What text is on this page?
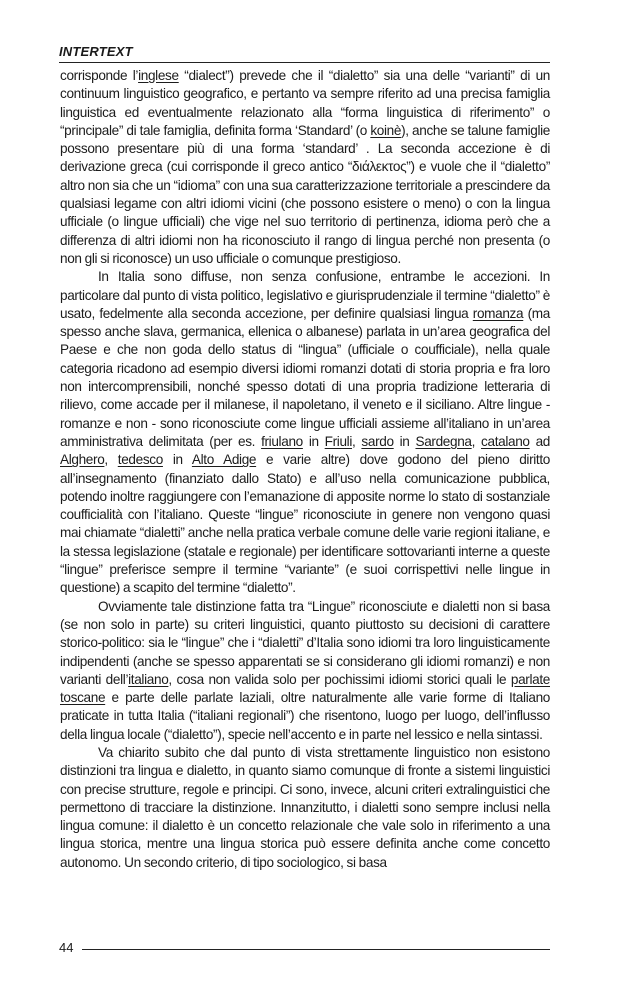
INTERTEXT

corrisponde l’inglese “dialect”) prevede che il “dialetto” sia una delle “varianti” di un continuum linguistico geografico, e pertanto va sempre riferito ad una precisa famiglia linguistica ed eventualmente relazionato alla “forma linguistica di riferimento” o “principale” di tale famiglia, definita forma ‘Standard’ (o koinè), anche se talune famiglie possono presentare più di una forma ‘standard’ . La seconda accezione è di derivazione greca (cui corrisponde il greco antico “διάλεκτος”) e vuole che il “dialetto” altro non sia che un “idioma” con una sua caratterizzazione territoriale a prescindere da qualsiasi legame con altri idiomi vicini (che possono esistere o meno) o con la lingua ufficiale (o lingue ufficiali) che vige nel suo territorio di pertinenza, idioma però che a differenza di altri idiomi non ha riconosciuto il rango di lingua perché non presenta (o non gli si riconosce) un uso ufficiale o comunque prestigioso.

In Italia sono diffuse, non senza confusione, entrambe le accezioni. In particolare dal punto di vista politico, legislativo e giurisprudenziale il termine “dialetto” è usato, fedelmente alla seconda accezione, per definire qualsiasi lingua romanza (ma spesso anche slava, germanica, ellenica o albanese) parlata in un’area geografica del Paese e che non goda dello status di “lingua” (ufficiale o coufficiale), nella quale categoria ricadono ad esempio diversi idiomi romanzi dotati di storia propria e fra loro non intercomprensibili, nonché spesso dotati di una propria tradizione letteraria di rilievo, come accade per il milanese, il napoletano, il veneto e il siciliano. Altre lingue - romanze e non - sono riconosciute come lingue ufficiali assieme all’italiano in un’area amministrativa delimitata (per es. friulano in Friuli, sardo in Sardegna, catalano ad Alghero, tedesco in Alto Adige e varie altre) dove godono del pieno diritto all’insegnamento (finanziato dallo Stato) e all’uso nella comunicazione pubblica, potendo inoltre raggiungere con l’emanazione di apposite norme lo stato di sostanziale coufficialità con l’italiano. Queste “lingue” riconosciute in genere non vengono quasi mai chiamate “dialetti” anche nella pratica verbale comune delle varie regioni italiane, e la stessa legislazione (statale e regionale) per identificare sottovarianti interne a queste “lingue” preferisce sempre il termine “variante” (e suoi corrispettivi nelle lingue in questione) a scapito del termine “dialetto”.

Ovviamente tale distinzione fatta tra “Lingue” riconosciute e dialetti non si basa (se non solo in parte) su criteri linguistici, quanto piuttosto su decisioni di carattere storico-politico: sia le “lingue” che i “dialetti” d’Italia sono idiomi tra loro linguisticamente indipendenti (anche se spesso apparentati se si considerano gli idiomi romanzi) e non varianti dell’italiano, cosa non valida solo per pochissimi idiomi storici quali le parlate toscane e parte delle parlate laziali, oltre naturalmente alle varie forme di Italiano praticate in tutta Italia (“italiani regionali”) che risentono, luogo per luogo, dell’influsso della lingua locale (“dialetto”), specie nell’accento e in parte nel lessico e nella sintassi.

Va chiarito subito che dal punto di vista strettamente linguistico non esistono distinzioni tra lingua e dialetto, in quanto siamo comunque di fronte a sistemi linguistici con precise strutture, regole e principi. Ci sono, invece, alcuni criteri extralinguistici che permettono di tracciare la distinzione. Innanzitutto, i dialetti sono sempre inclusi nella lingua comune: il dialetto è un concetto relazionale che vale solo in riferimento a una lingua storica, mentre una lingua storica può essere definita anche come concetto autonomo. Un secondo criterio, di tipo sociologico, si basa

44
